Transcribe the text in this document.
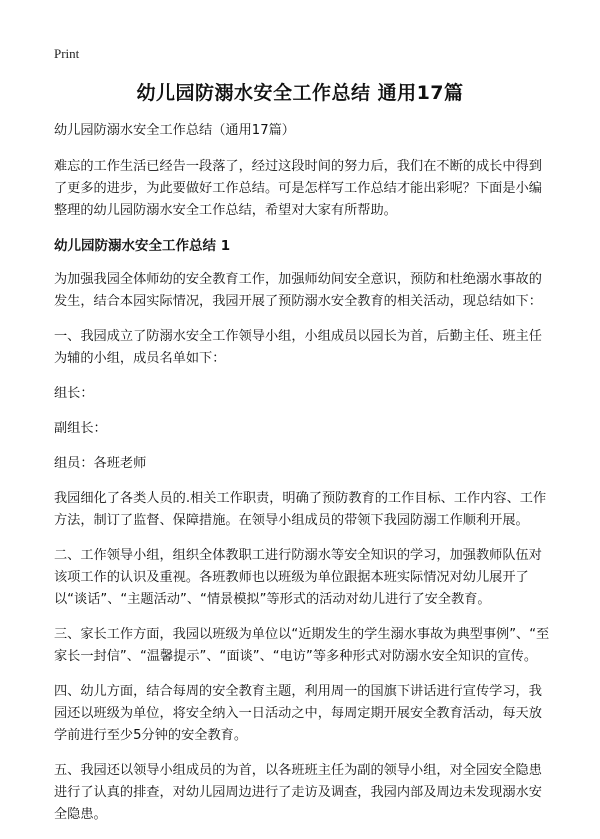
Print
幼儿园防溺水安全工作总结 通用17篇

幼儿园防溺水安全工作总结（通用17篇）

难忘的工作生活已经告一段落了，经过这段时间的努力后，我们在不断的成长中得到了更多的进步，为此要做好工作总结。可是怎样写工作总结才能出彩呢？下面是小编整理的幼儿园防溺水安全工作总结，希望对大家有所帮助。

幼儿园防溺水安全工作总结 1

为加强我园全体师幼的安全教育工作，加强师幼间安全意识，预防和杜绝溺水事故的发生，结合本园实际情况，我园开展了预防溺水安全教育的相关活动，现总结如下：

一、我园成立了防溺水安全工作领导小组，小组成员以园长为首，后勤主任、班主任为辅的小组，成员名单如下：

组长：

副组长：

组员：各班老师

我园细化了各类人员的.相关工作职责，明确了预防教育的工作目标、工作内容、工作方法，制订了监督、保障措施。在领导小组成员的带领下我园防溺工作顺利开展。

二、工作领导小组，组织全体教职工进行防溺水等安全知识的学习，加强教师队伍对该项工作的认识及重视。各班教师也以班级为单位跟据本班实际情况对幼儿展开了以“谈话”、“主题活动”、“情景模拟”等形式的活动对幼儿进行了安全教育。

三、家长工作方面，我园以班级为单位以“近期发生的学生溺水事故为典型事例”、“至家长一封信”、“温馨提示”、“面谈”、“电访”等多种形式对防溺水安全知识的宣传。

四、幼儿方面，结合每周的安全教育主题，利用周一的国旗下讲话进行宣传学习，我园还以班级为单位，将安全纳入一日活动之中，每周定期开展安全教育活动，每天放学前进行至少5分钟的安全教育。

五、我园还以领导小组成员的为首，以各班班主任为副的领导小组，对全园安全隐患进行了认真的排查，对幼儿园周边进行了走访及调查，我园内部及周边未发现溺水安全隐患。
